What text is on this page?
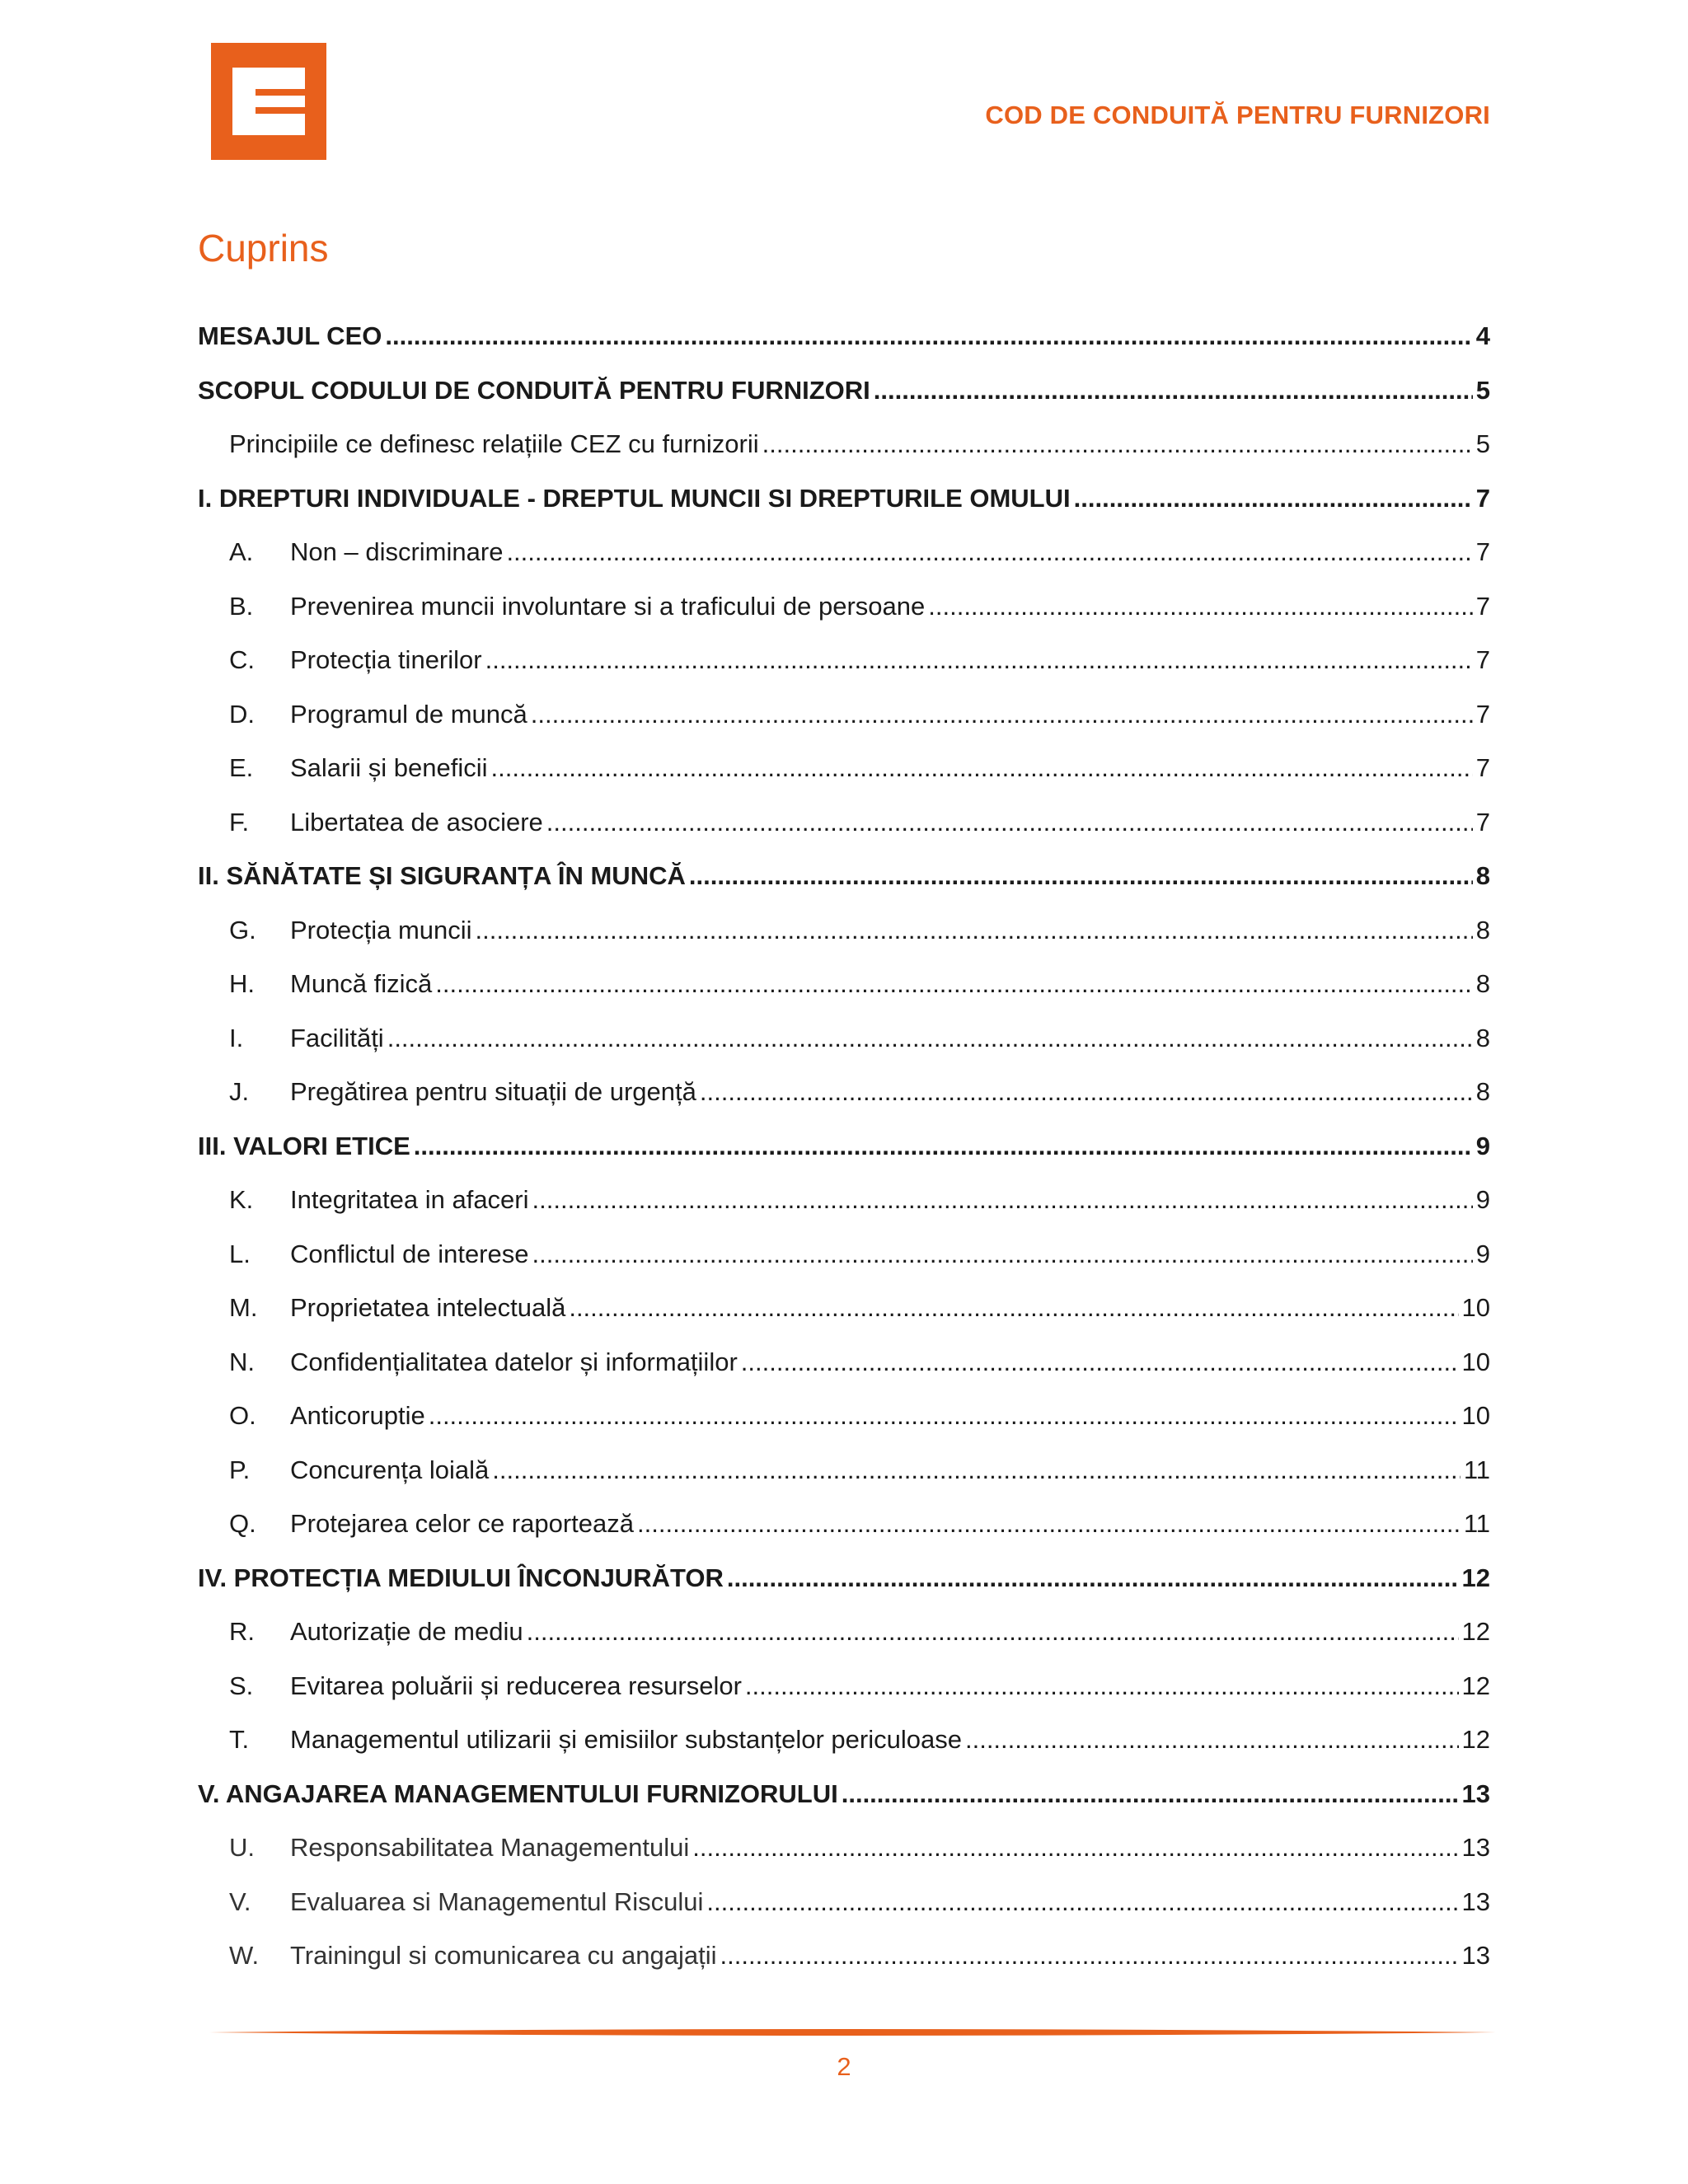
COD DE CONDUITĂ PENTRU FURNIZORI
Cuprins
MESAJUL CEO .....	4
SCOPUL CODULUI DE CONDUITĂ PENTRU FURNIZORI .....	5
Principiile ce definesc relațiile CEZ cu furnizorii .....	5
I. DREPTURI INDIVIDUALE - DREPTUL MUNCII SI DREPTURILE OMULUI .....	7
A.	Non – discriminare .....	7
B.	Prevenirea muncii involuntare si a traficului de persoane .....	7
C.	Protecția tinerilor .....	7
D.	Programul de muncă .....	7
E.	Salarii și beneficii .....	7
F.	Libertatea de asociere .....	7
II. SĂNĂTATE ȘI SIGURANȚA ÎN MUNCĂ .....	8
G.	Protecția muncii .....	8
H.	Muncă fizică .....	8
I.	Facilități .....	8
J.	Pregătirea pentru situații de urgență .....	8
III. VALORI ETICE .....	9
K.	Integritatea in afaceri .....	9
L.	Conflictul de interese .....	9
M.	Proprietatea intelectuală .....	10
N.	Confidențialitatea datelor și informațiilor .....	10
O.	Anticoruptie .....	10
P.	Concurența loială .....	11
Q.	Protejarea celor ce raportează .....	11
IV. PROTECȚIA MEDIULUI ÎNCONJURĂTOR .....	12
R.	Autorizație de mediu .....	12
S.	Evitarea poluării și reducerea resurselor .....	12
T.	Managementul utilizarii și emisiilor substanțelor periculoase .....	12
V. ANGAJAREA MANAGEMENTULUI FURNIZORULUI .....	13
U.	Responsabilitatea Managementului .....	13
V.	Evaluarea si Managementul Riscului .....	13
W.	Trainingul si comunicarea cu angajații .....	13
2
